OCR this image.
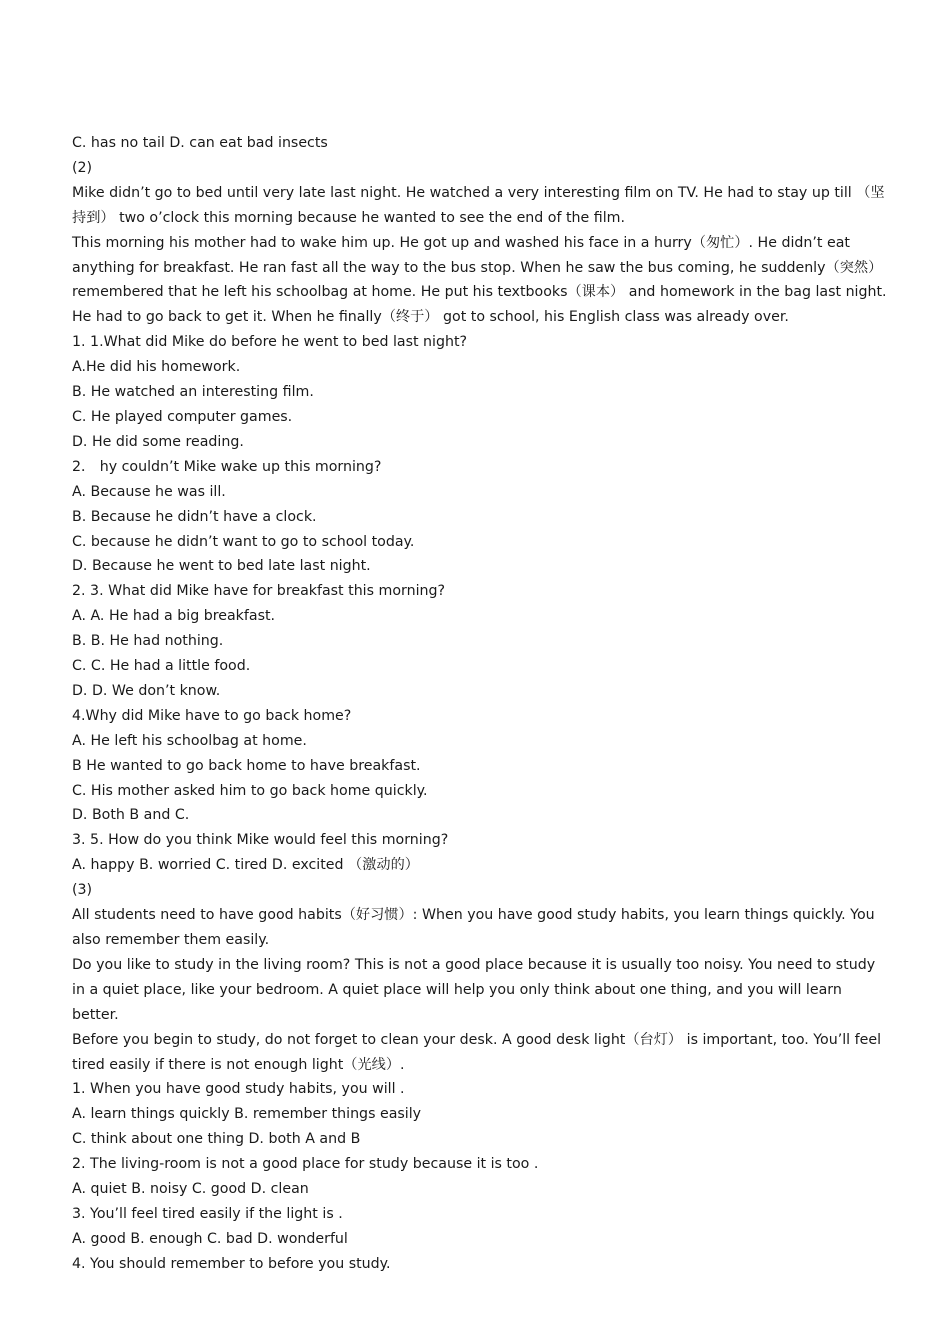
C. has no tail D. can eat bad insects

(2)

Mike didn’t go to bed until very late last night. He watched a very interesting film on TV. He had to stay up till （坚持到） two o’clock this morning because he wanted to see the end of the film.

This morning his mother had to wake him up. He got up and washed his face in a hurry（匆忙）. He didn’t eat anything for breakfast. He ran fast all the way to the bus stop. When he saw the bus coming, he suddenly（突然） remembered that he left his schoolbag at home. He put his textbooks（课本） and homework in the bag last night. He had to go back to get it. When he finally（终于） got to school, his English class was already over.

1. 1.What did Mike do before he went to bed last night?

A.He did his homework.

B. He watched an interesting film.

C. He played computer games.

D. He did some reading.

2． hy couldn’t Mike wake up this morning?

A. Because he was ill.

B. Because he didn’t have a clock.

C. because he didn’t want to go to school today.

D. Because he went to bed late last night.

2. 3. What did Mike have for breakfast this morning?

A. A. He had a big breakfast.

B. B. He had nothing.

C. C. He had a little food.

D. D. We don’t know.

4.Why did Mike have to go back home?

A. He left his schoolbag at home.

B He wanted to go back home to have breakfast.

C. His mother asked him to go back home quickly.

D. Both B and C.

3. 5. How do you think Mike would feel this morning?

A. happy B. worried C. tired D. excited （激动的）

(3)

All students need to have good habits（好习惯）: When you have good study habits, you learn things quickly. You also remember them easily.

Do you like to study in the living room? This is not a good place because it is usually too noisy. You need to study in a quiet place, like your bedroom. A quiet place will help you only think about one thing, and you will learn better.

Before you begin to study, do not forget to clean your desk. A good desk light（台灯） is important, too. You’ll feel tired easily if there is not enough light（光线）.

1. When you have good study habits, you will .

A. learn things quickly B. remember things easily

C. think about one thing D. both A and B

2. The living-room is not a good place for study because it is too .

A. quiet B. noisy C. good D. clean

3. You’ll feel tired easily if the light is .

A. good B. enough C. bad D. wonderful

4. You should remember to before you study.
